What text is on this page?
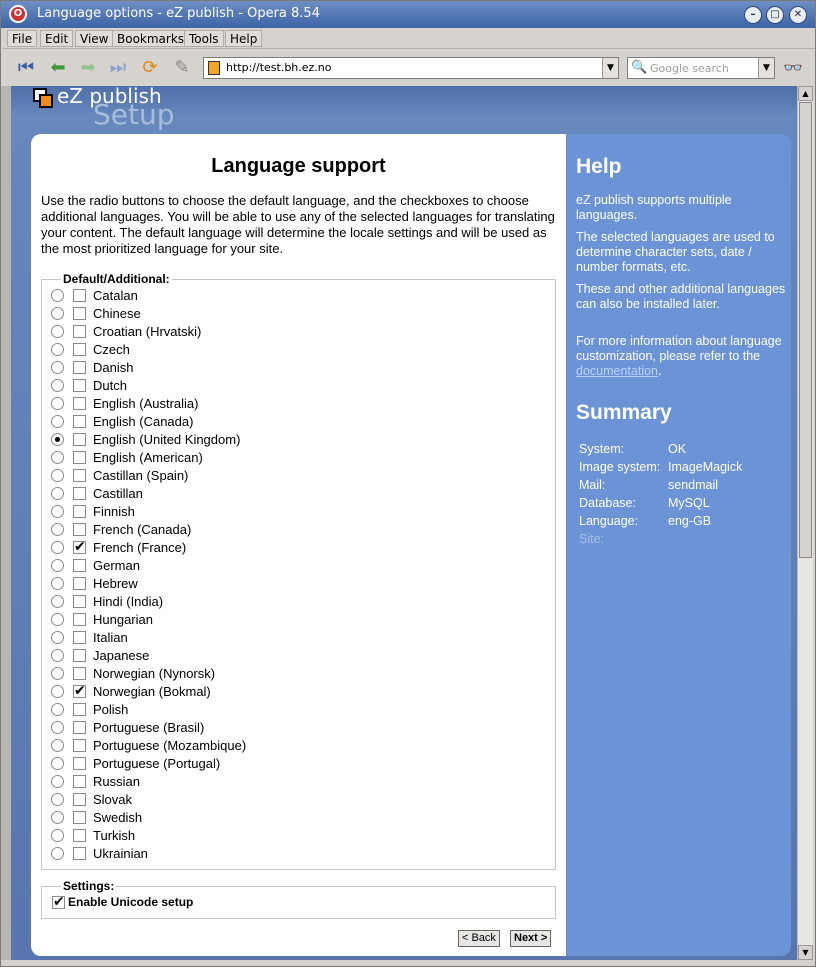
O	Language options - eZ publish - Opera 8.54	–	□	✕
File	Edit View Bookmarks Tools Help
⏮ ⬅ ➡ ⏭ ⟳ ✎	http://test.bh.ez.no	▼	🔍 Google search	▼ 👓
eZ publish
Setup
Language support
Use the radio buttons to choose the default language, and the checkboxes to choose additional languages. You will be able to use any of the selected languages for translating your content. The default language will determine the locale settings and will be used as the most prioritized language for your site.
Default/Additional:
Catalan
Chinese
Croatian (Hrvatski)
Czech
Danish
Dutch
English (Australia)
English (Canada)
English (United Kingdom)
English (American)
Castillan (Spain)
Castillan
Finnish
French (Canada)
✔ French (France)
German
Hebrew
Hindi (India)
Hungarian
Italian
Japanese
Norwegian (Nynorsk)
✔ Norwegian (Bokmal)
Polish
Portuguese (Brasil)
Portuguese (Mozambique)
Portuguese (Portugal)
Russian
Slovak
Swedish
Turkish
Ukrainian
Settings:
✔ Enable Unicode setup
< Back	Next >
Help
eZ publish supports multiple languages.
The selected languages are used to determine character sets, date / number formats, etc.
These and other additional languages can also be installed later.
For more information about language customization, please refer to the documentation.
Summary
System:	OK
Image system: ImageMagick
Mail:	sendmail
Database:	MySQL
Language: eng-GB
Site:
▲
▼
